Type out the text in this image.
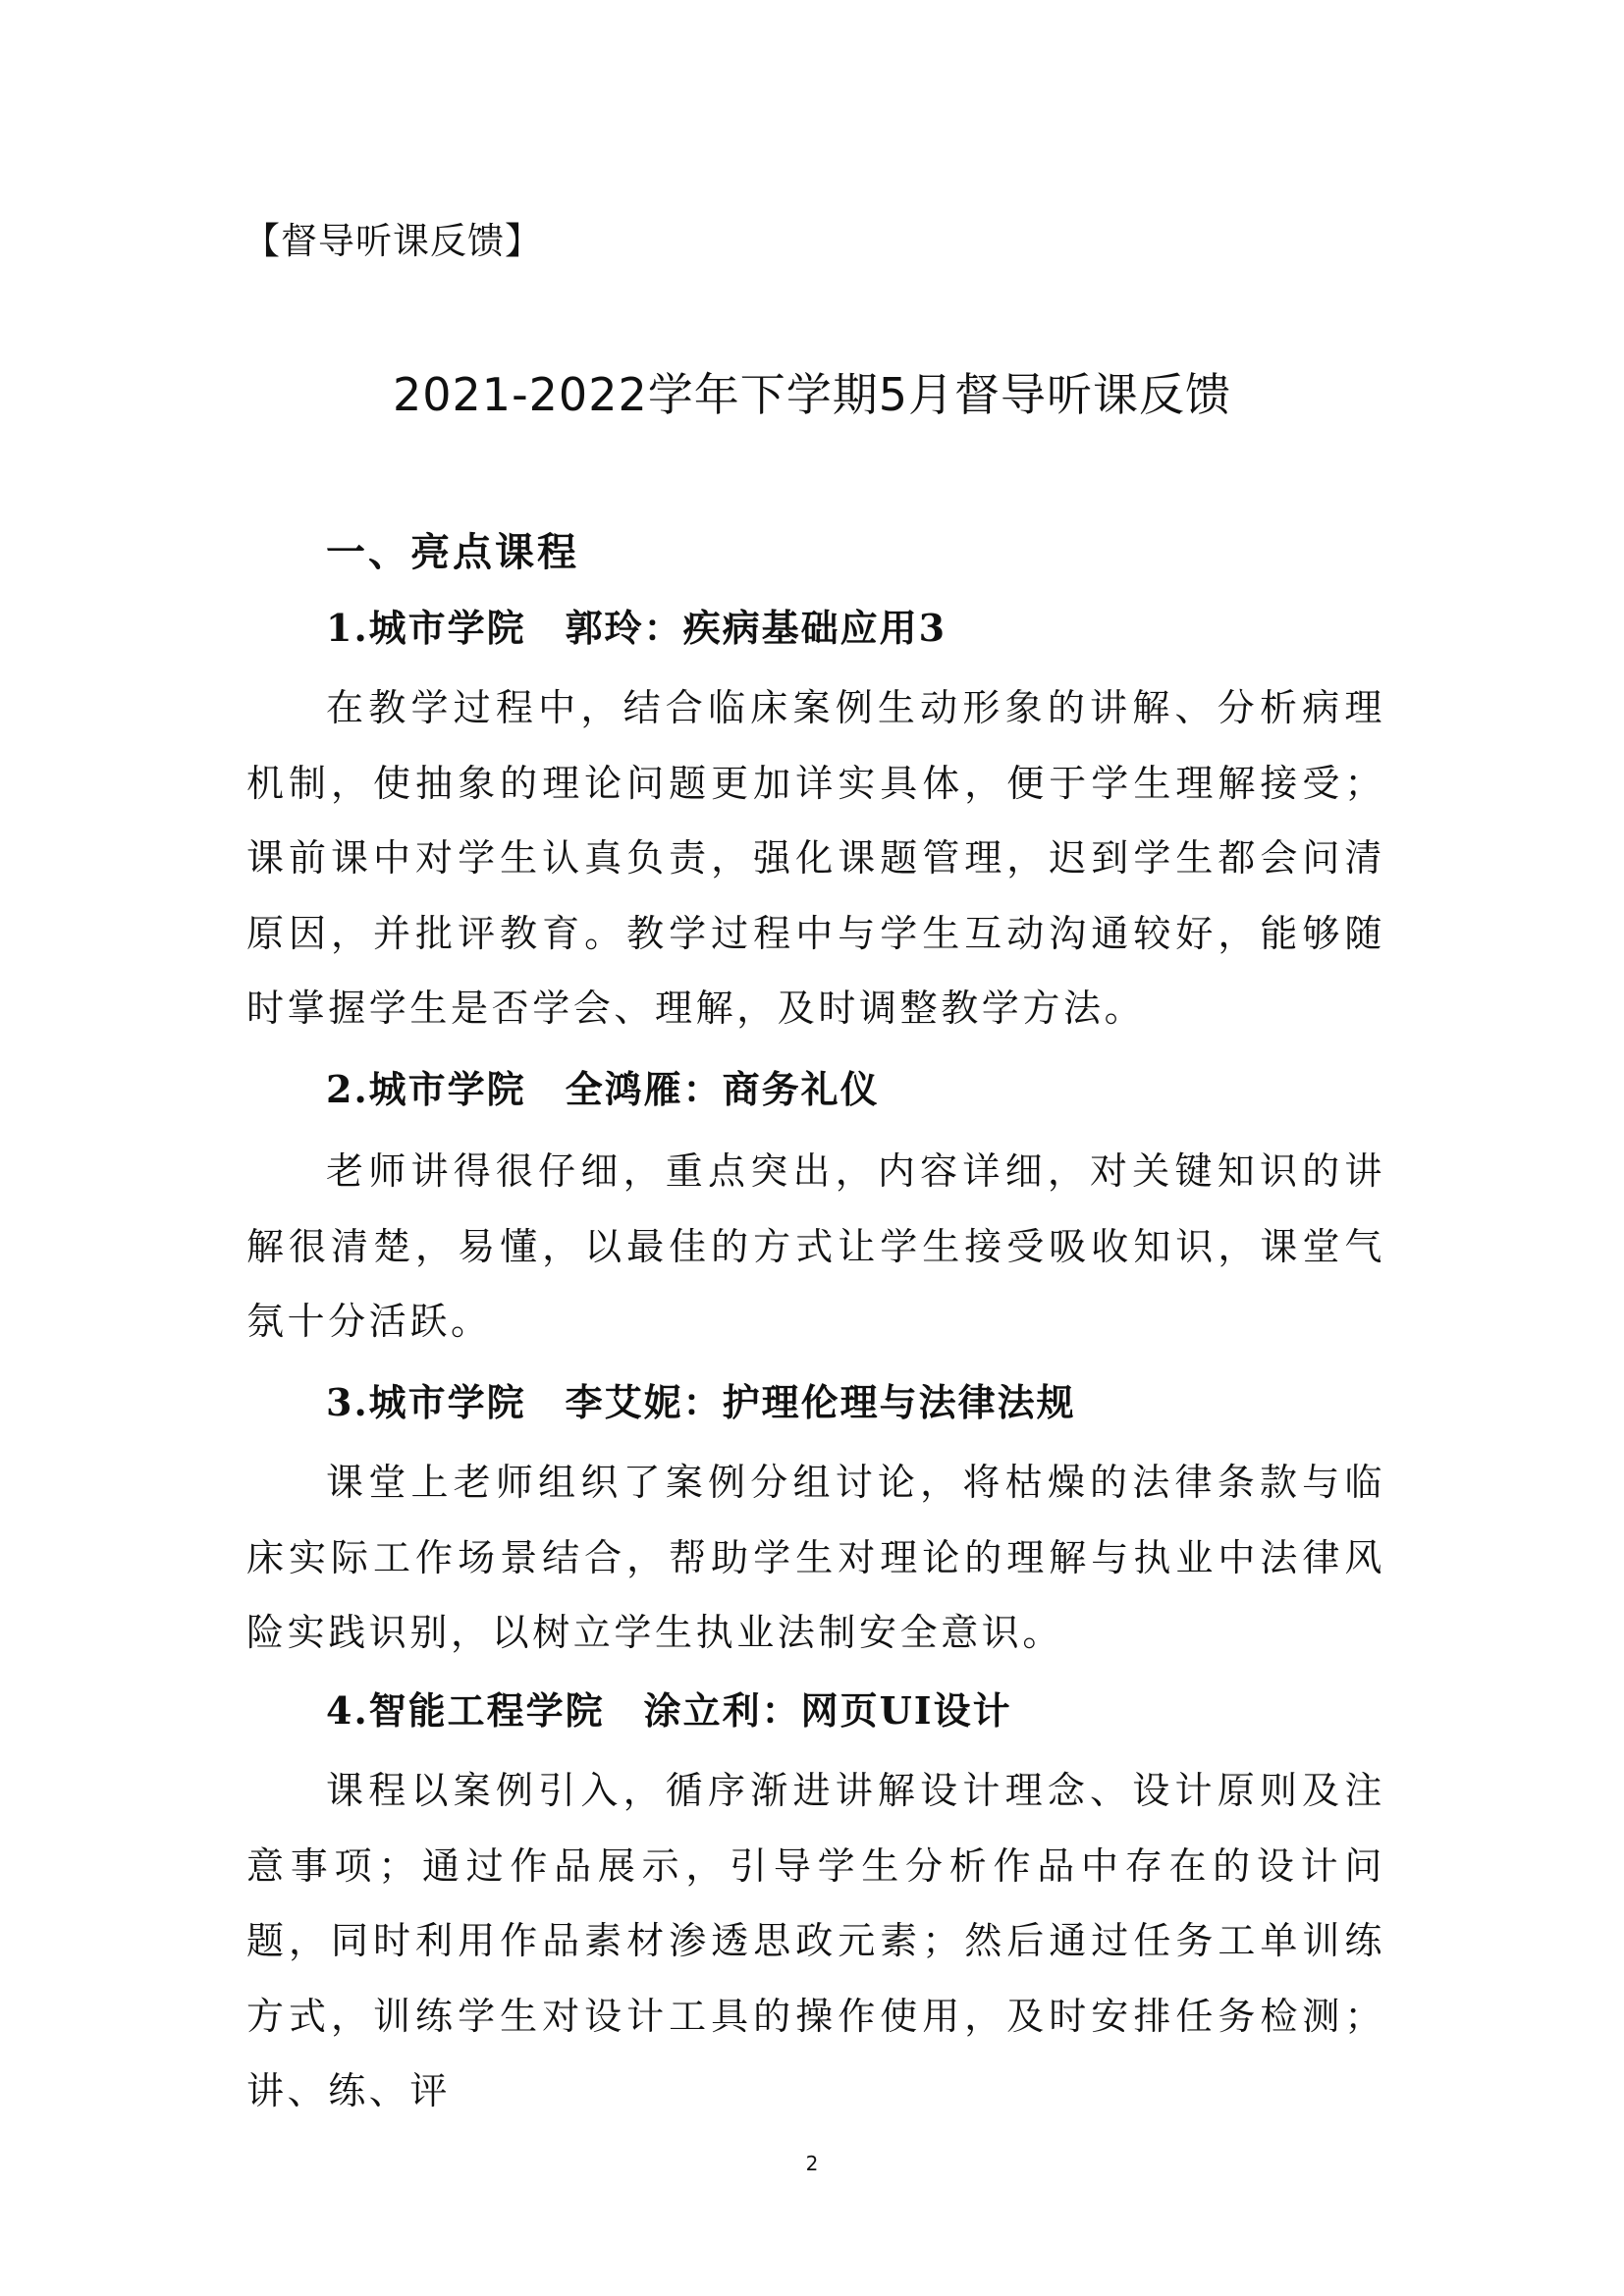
【督导听课反馈】
2021-2022学年下学期5月督导听课反馈
一、亮点课程
1.城市学院 郭玲：疾病基础应用3
在教学过程中，结合临床案例生动形象的讲解、分析病理机制，使抽象的理论问题更加详实具体，便于学生理解接受；课前课中对学生认真负责，强化课题管理，迟到学生都会问清原因，并批评教育。教学过程中与学生互动沟通较好，能够随时掌握学生是否学会、理解，及时调整教学方法。
2.城市学院 全鸿雁：商务礼仪
老师讲得很仔细，重点突出，内容详细，对关键知识的讲解很清楚，易懂，以最佳的方式让学生接受吸收知识，课堂气氛十分活跃。
3.城市学院 李艾妮：护理伦理与法律法规
课堂上老师组织了案例分组讨论，将枯燥的法律条款与临床实际工作场景结合，帮助学生对理论的理解与执业中法律风险实践识别，以树立学生执业法制安全意识。
4.智能工程学院 涂立利：网页UI设计
课程以案例引入，循序渐进讲解设计理念、设计原则及注意事项；通过作品展示，引导学生分析作品中存在的设计问题，同时利用作品素材渗透思政元素；然后通过任务工单训练方式，训练学生对设计工具的操作使用，及时安排任务检测；讲、练、评
2
